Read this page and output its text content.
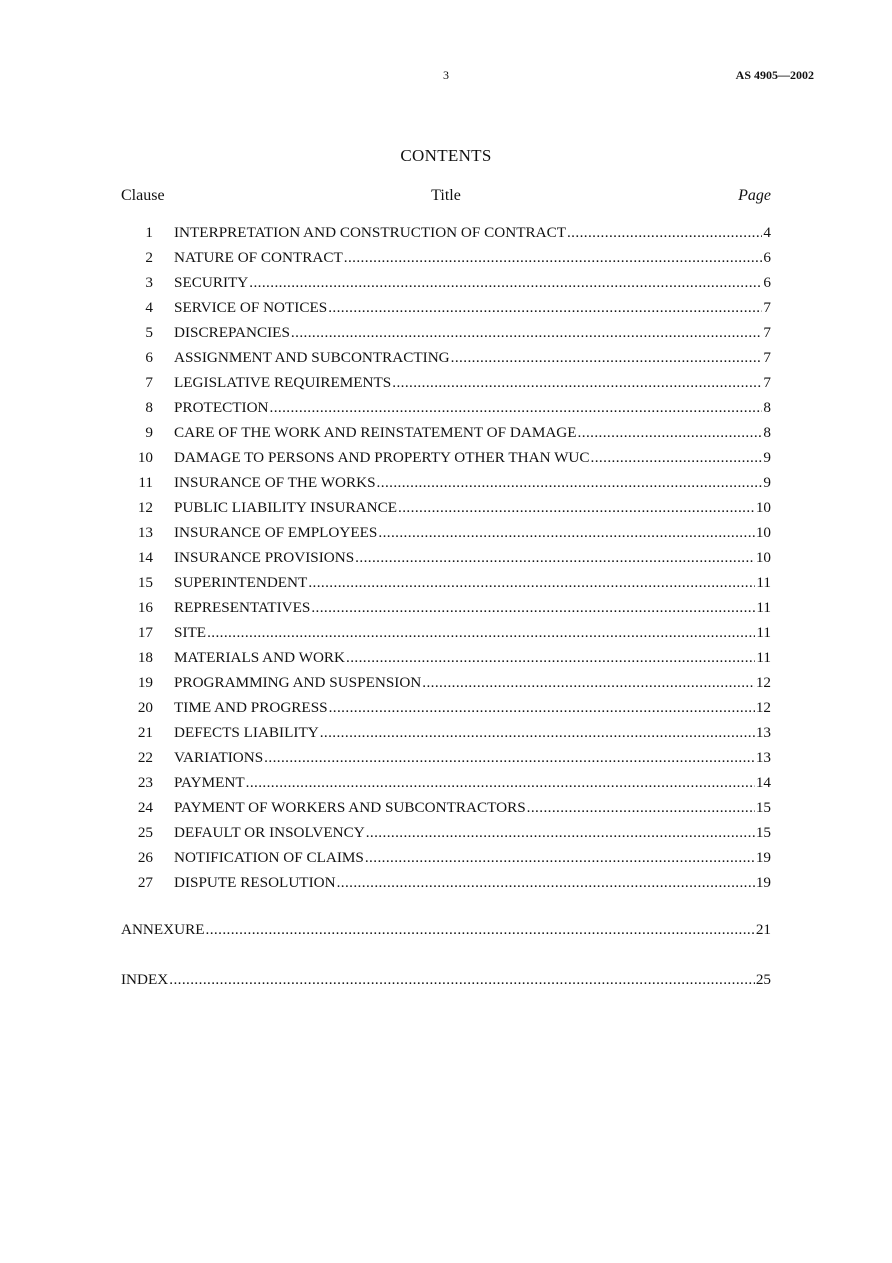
3	AS 4905—2002
CONTENTS
Clause	Title	Page
1 INTERPRETATION AND CONSTRUCTION OF CONTRACT .....	4
2 NATURE OF CONTRACT .....	6
3 SECURITY .....	6
4 SERVICE OF NOTICES .....	7
5 DISCREPANCIES .....	7
6 ASSIGNMENT AND SUBCONTRACTING .....	7
7 LEGISLATIVE REQUIREMENTS .....	7
8 PROTECTION .....	8
9 CARE OF THE WORK AND REINSTATEMENT OF DAMAGE .....	8
10 DAMAGE TO PERSONS AND PROPERTY OTHER THAN WUC .....	9
11 INSURANCE OF THE WORKS .....	9
12 PUBLIC LIABILITY INSURANCE .....	10
13 INSURANCE OF EMPLOYEES .....	10
14 INSURANCE PROVISIONS .....	10
15 SUPERINTENDENT .....	11
16 REPRESENTATIVES .....	11
17 SITE .....	11
18 MATERIALS AND WORK .....	11
19 PROGRAMMING AND SUSPENSION .....	12
20 TIME AND PROGRESS .....	12
21 DEFECTS LIABILITY .....	13
22 VARIATIONS .....	13
23 PAYMENT .....	14
24 PAYMENT OF WORKERS AND SUBCONTRACTORS .....	15
25 DEFAULT OR INSOLVENCY .....	15
26 NOTIFICATION OF CLAIMS .....	19
27 DISPUTE RESOLUTION .....	19
ANNEXURE .....	21
INDEX .....	25
